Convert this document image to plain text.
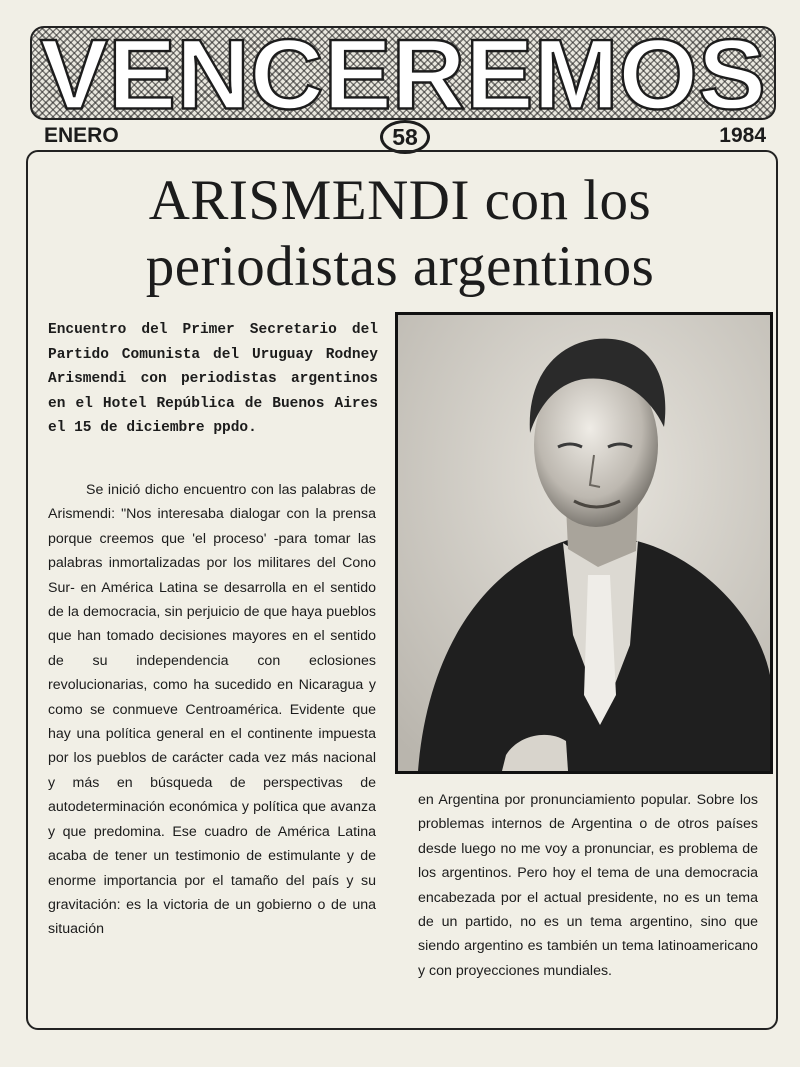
VENCEREMOS
ENERO	58	1984
ARISMENDI con los
periodistas argentinos

Encuentro del Primer Secretario del Partido Comunista del Uruguay Rodney Arismendi con periodistas argentinos en el Hotel República de Buenos Aires el 15 de diciembre ppdo.

Se inició dicho encuentro con las palabras de Arismendi: "Nos interesaba dialogar con la prensa porque creemos que 'el proceso' -para tomar las palabras inmortalizadas por los militares del Cono Sur- en América Latina se desarrolla en el sentido de la democracia, sin perjuicio de que haya pueblos que han tomado decisiones mayores en el sentido de su independencia con eclosiones revolucionarias, como ha sucedido en Nicaragua y como se conmueve Centroamérica. Evidente que hay una política general en el continente impuesta por los pueblos de carácter cada vez más nacional y más en búsqueda de perspectivas de autodeterminación económica y política que avanza y que predomina. Ese cuadro de América Latina acaba de tener un testimonio de estimulante y de enorme importancia por el tamaño del país y su gravitación: es la victoria de un gobierno o de una situación

en Argentina por pronunciamiento popular. Sobre los problemas internos de Argentina o de otros países desde luego no me voy a pronunciar, es problema de los argentinos. Pero hoy el tema de una democracia encabezada por el actual presidente, no es un tema de un partido, no es un tema argentino, sino que siendo argentino es también un tema latinoamericano y con proyecciones mundiales.
